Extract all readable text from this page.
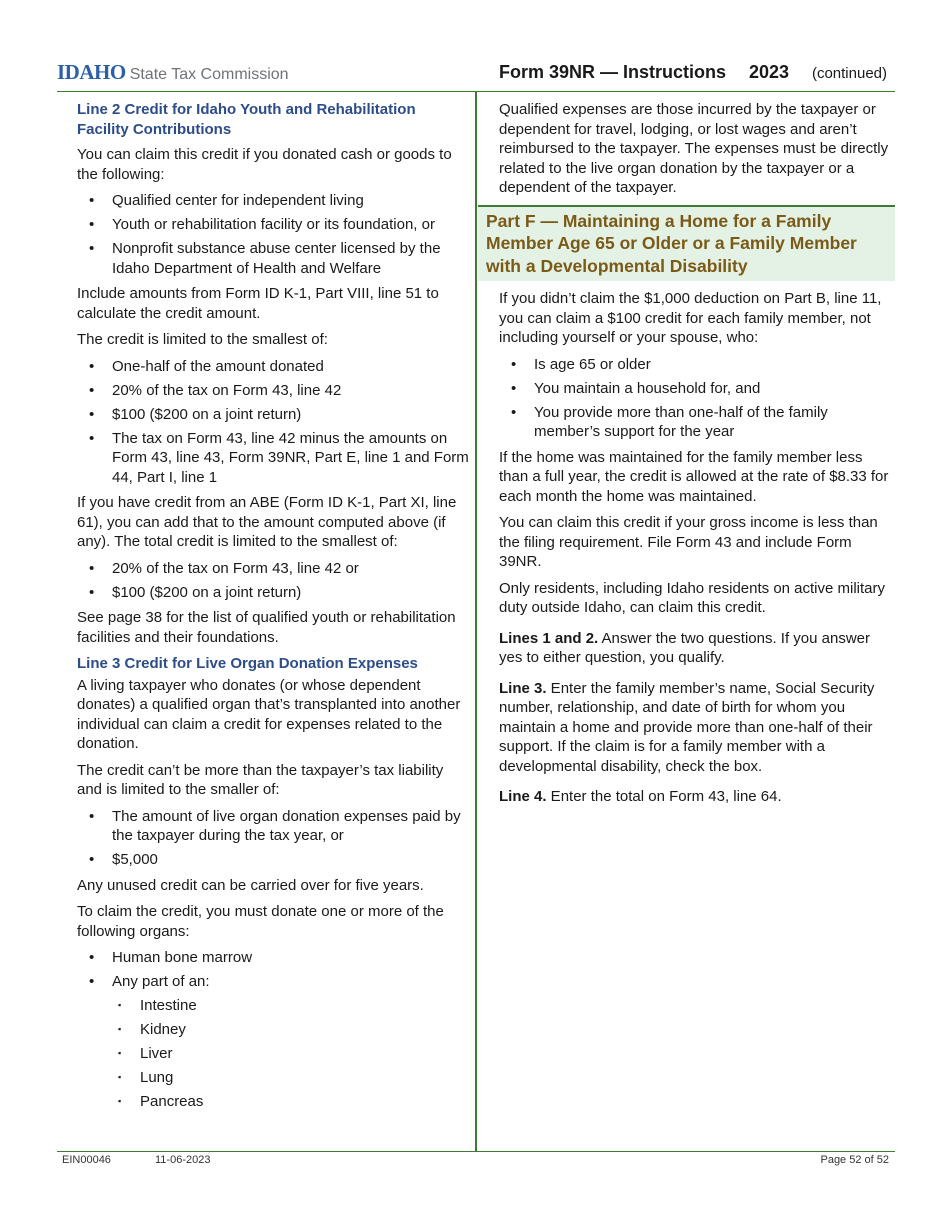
IDAHO State Tax Commission	Form 39NR — Instructions 2023 (continued)

Line 2 Credit for Idaho Youth and Rehabilitation Facility Contributions

You can claim this credit if you donated cash or goods to the following:

• Qualified center for independent living
• Youth or rehabilitation facility or its foundation, or
• Nonprofit substance abuse center licensed by the Idaho Department of Health and Welfare

Include amounts from Form ID K-1, Part VIII, line 51 to calculate the credit amount.

The credit is limited to the smallest of:

• One-half of the amount donated
• 20% of the tax on Form 43, line 42
• $100 ($200 on a joint return)
• The tax on Form 43, line 42 minus the amounts on Form 43, line 43, Form 39NR, Part E, line 1 and Form 44, Part I, line 1

If you have credit from an ABE (Form ID K-1, Part XI, line 61), you can add that to the amount computed above (if any). The total credit is limited to the smallest of:

• 20% of the tax on Form 43, line 42 or
• $100 ($200 on a joint return)

See page 38 for the list of qualified youth or rehabilitation facilities and their foundations.

Line 3 Credit for Live Organ Donation Expenses

A living taxpayer who donates (or whose dependent donates) a qualified organ that’s transplanted into another individual can claim a credit for expenses related to the donation.

The credit can’t be more than the taxpayer’s tax liability and is limited to the smaller of:

• The amount of live organ donation expenses paid by the taxpayer during the tax year, or
• $5,000

Any unused credit can be carried over for five years.

To claim the credit, you must donate one or more of the following organs:

• Human bone marrow
• Any part of an:
▪ Intestine
▪ Kidney
▪ Liver
▪ Lung
▪ Pancreas

Qualified expenses are those incurred by the taxpayer or dependent for travel, lodging, or lost wages and aren’t reimbursed to the taxpayer. The expenses must be directly related to the live organ donation by the taxpayer or a dependent of the taxpayer.

Part F — Maintaining a Home for a Family Member Age 65 or Older or a Family Member with a Developmental Disability

If you didn’t claim the $1,000 deduction on Part B, line 11, you can claim a $100 credit for each family member, not including yourself or your spouse, who:

• Is age 65 or older
• You maintain a household for, and
• You provide more than one-half of the family member’s support for the year

If the home was maintained for the family member less than a full year, the credit is allowed at the rate of $8.33 for each month the home was maintained.

You can claim this credit if your gross income is less than the filing requirement. File Form 43 and include Form 39NR.

Only residents, including Idaho residents on active military duty outside Idaho, can claim this credit.

Lines 1 and 2. Answer the two questions. If you answer yes to either question, you qualify.

Line 3. Enter the family member’s name, Social Security number, relationship, and date of birth for whom you maintain a home and provide more than one-half of their support. If the claim is for a family member with a developmental disability, check the box.

Line 4. Enter the total on Form 43, line 64.

EIN00046	11-06-2023	Page 52 of 52
